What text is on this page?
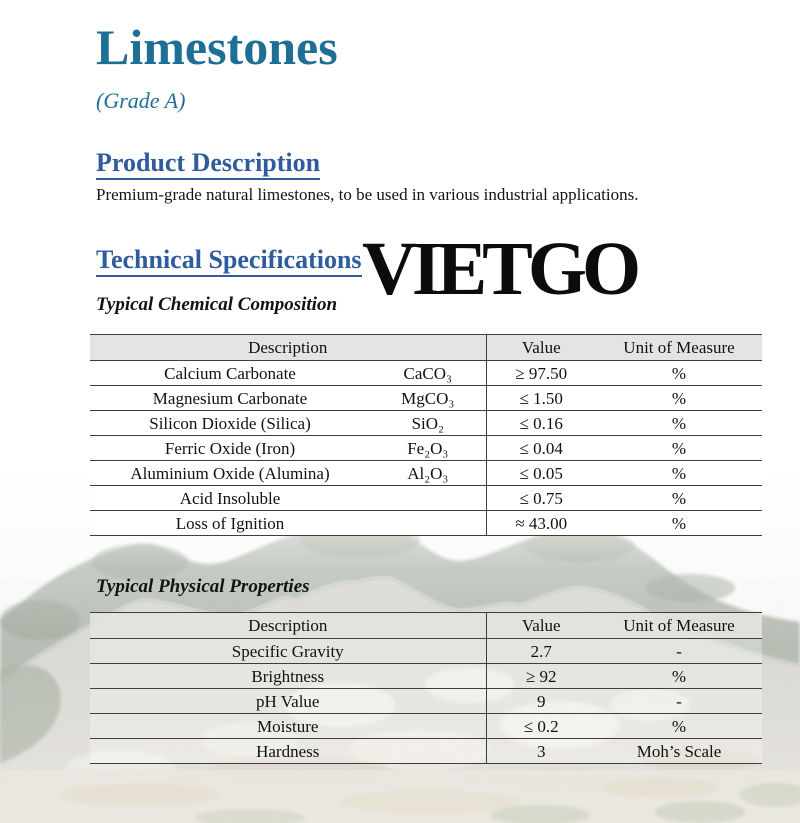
Limestones
(Grade A)
Product Description
Premium-grade natural limestones, to be used in various industrial applications.
Technical Specifications VIETGO
Typical Chemical Composition
Description		Value	Unit of Measure
Calcium Carbonate	CaCO₃	≥ 97.50	%
Magnesium Carbonate	MgCO₃	≤ 1.50	%
Silicon Dioxide (Silica)	SiO₂	≤ 0.16	%
Ferric Oxide (Iron)	Fe₂O₃	≤ 0.04	%
Aluminium Oxide (Alumina)	Al₂O₃	≤ 0.05	%
Acid Insoluble		≤ 0.75	%
Loss of Ignition		≈ 43.00	%
Typical Physical Properties
Description	Value	Unit of Measure
Specific Gravity	2.7	-
Brightness	≥ 92	%
pH Value	9	-
Moisture	≤ 0.2	%
Hardness	3	Moh’s Scale
